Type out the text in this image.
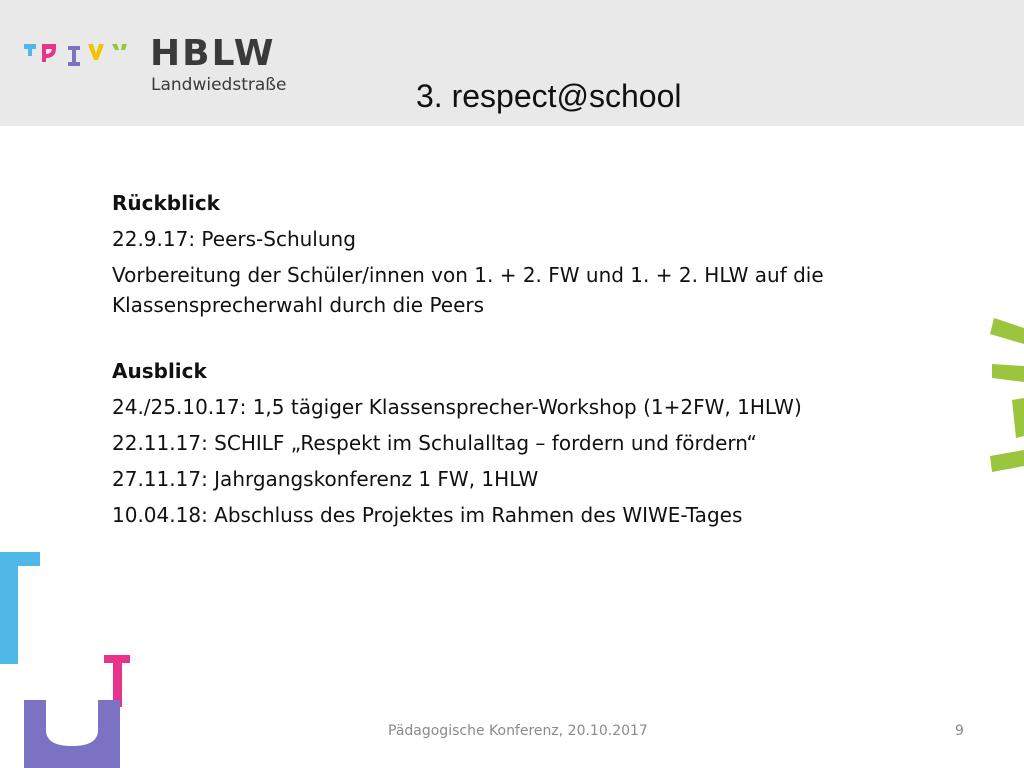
HBLW
Landwiedstraße	3. respect@school
Rückblick
22.9.17: Peers-Schulung
Vorbereitung der Schüler/innen von 1. + 2. FW und 1. + 2. HLW auf die Klassensprecherwahl durch die Peers
Ausblick
24./25.10.17: 1,5 tägiger Klassensprecher-Workshop (1+2FW, 1HLW)
22.11.17: SCHILF „Respekt im Schulalltag – fordern und fördern“
27.11.17: Jahrgangskonferenz 1 FW, 1HLW
10.04.18: Abschluss des Projektes im Rahmen des WIWE-Tages
Pädagogische Konferenz, 20.10.2017	9
